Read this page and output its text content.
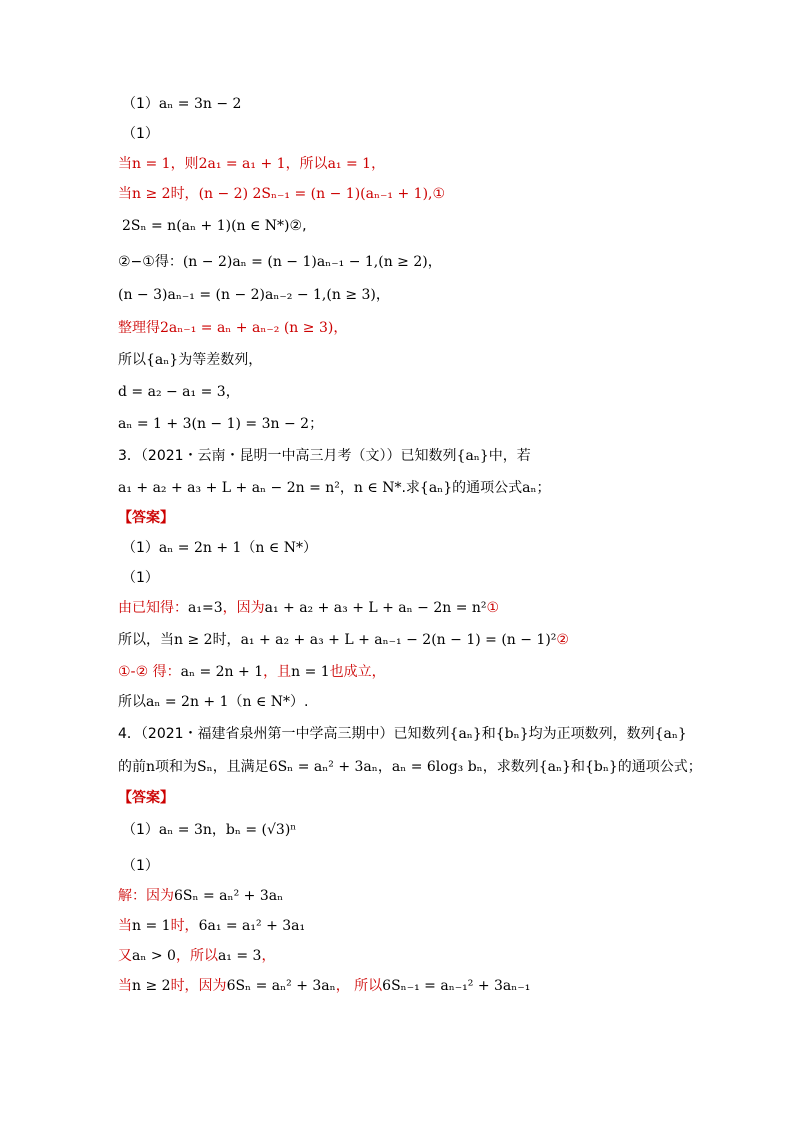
（1）aₙ = 3n − 2
（1）
当n = 1，则2a₁ = a₁ + 1，所以a₁ = 1，
当n ≥ 2时，(n − 2) 2Sₙ₋₁ = (n − 1)(aₙ₋₁ + 1),①
2Sₙ = n(aₙ + 1)(n ∈ N*)②,
②−①得：(n − 2)aₙ = (n − 1)aₙ₋₁ − 1,(n ≥ 2)，
(n − 3)aₙ₋₁ = (n − 2)aₙ₋₂ − 1,(n ≥ 3)，
整理得2aₙ₋₁ = aₙ + aₙ₋₂ (n ≥ 3)，
所以{aₙ}为等差数列，
d = a₂ − a₁ = 3，
aₙ = 1 + 3(n − 1) = 3n − 2；
3．（2021・云南・昆明一中高三月考（文））已知数列{aₙ}中，若
a₁ + a₂ + a₃ + L + aₙ − 2n = n²，n ∈ N*.求{aₙ}的通项公式aₙ；
【答案】
（1）aₙ = 2n + 1（n ∈ N*）
（1）
由已知得：a₁=3，因为a₁ + a₂ + a₃ + L + aₙ − 2n = n²①
所以，当n ≥ 2时，a₁ + a₂ + a₃ + L + aₙ₋₁ − 2(n − 1) = (n − 1)²②
①-② 得：aₙ = 2n + 1，且n = 1也成立，
所以aₙ = 2n + 1（n ∈ N*）.
4．（2021・福建省泉州第一中学高三期中）已知数列{aₙ}和{bₙ}均为正项数列，数列{aₙ}
的前n项和为Sₙ，且满足6Sₙ = aₙ² + 3aₙ，aₙ = 6log₃ bₙ，求数列{aₙ}和{bₙ}的通项公式；
【答案】
（1）aₙ = 3n，bₙ = (√3)ⁿ
（1）
解：因为6Sₙ = aₙ² + 3aₙ
当n = 1时，6a₁ = a₁² + 3a₁
又aₙ > 0，所以a₁ = 3，
当n ≥ 2时，因为6Sₙ = aₙ² + 3aₙ， 所以6Sₙ₋₁ = aₙ₋₁² + 3aₙ₋₁
